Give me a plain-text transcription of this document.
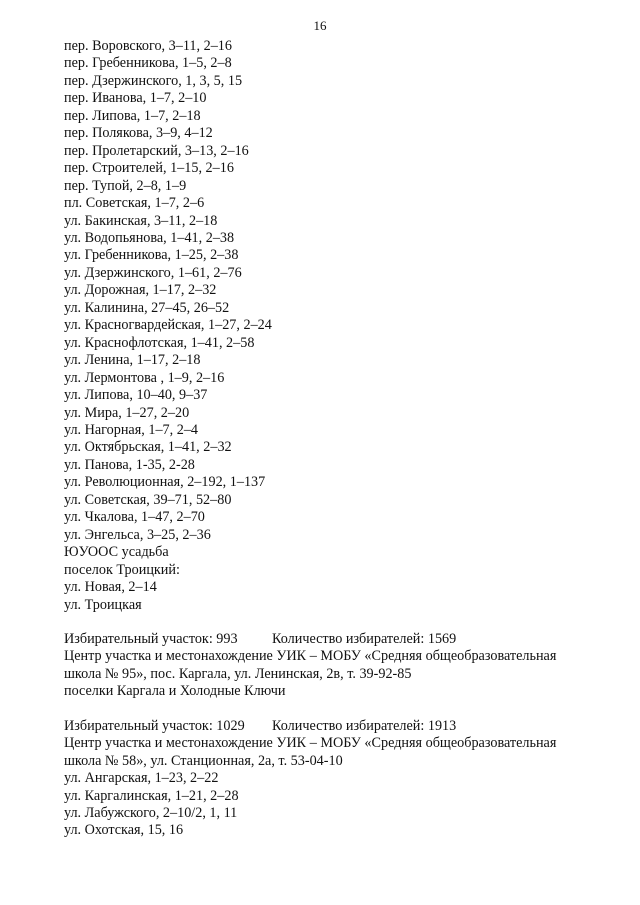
16
пер. Воровского, 3–11, 2–16
пер. Гребенникова, 1–5, 2–8
пер. Дзержинского, 1, 3, 5, 15
пер. Иванова, 1–7, 2–10
пер. Липова, 1–7, 2–18
пер. Полякова, 3–9, 4–12
пер. Пролетарский, 3–13, 2–16
пер. Строителей, 1–15, 2–16
пер. Тупой, 2–8, 1–9
пл. Советская, 1–7, 2–6
ул. Бакинская, 3–11, 2–18
ул. Водопьянова, 1–41, 2–38
ул. Гребенникова, 1–25, 2–38
ул. Дзержинского, 1–61, 2–76
ул. Дорожная, 1–17, 2–32
ул. Калинина, 27–45, 26–52
ул. Красногвардейская, 1–27, 2–24
ул. Краснофлотская, 1–41, 2–58
ул. Ленина, 1–17, 2–18
ул. Лермонтова , 1–9, 2–16
ул. Липова, 10–40, 9–37
ул. Мира, 1–27, 2–20
ул. Нагорная, 1–7, 2–4
ул. Октябрьская, 1–41, 2–32
ул. Панова, 1-35, 2-28
ул. Революционная, 2–192, 1–137
ул. Советская, 39–71, 52–80
ул. Чкалова, 1–47, 2–70
ул. Энгельса, 3–25, 2–36
ЮУООС усадьба
поселок Троицкий:
ул. Новая, 2–14
ул. Троицкая
Избирательный участок: 993 Количество избирателей: 1569
Центр участка и местонахождение УИК – МОБУ «Средняя общеобразовательная
школа № 95», пос. Каргала, ул. Ленинская, 2в, т. 39-92-85
поселки Каргала и Холодные Ключи
Избирательный участок: 1029 Количество избирателей: 1913
Центр участка и местонахождение УИК – МОБУ «Средняя общеобразовательная
школа № 58», ул. Станционная, 2а, т. 53-04-10
ул. Ангарская, 1–23, 2–22
ул. Каргалинская, 1–21, 2–28
ул. Лабужского, 2–10/2, 1, 11
ул. Охотская, 15, 16
